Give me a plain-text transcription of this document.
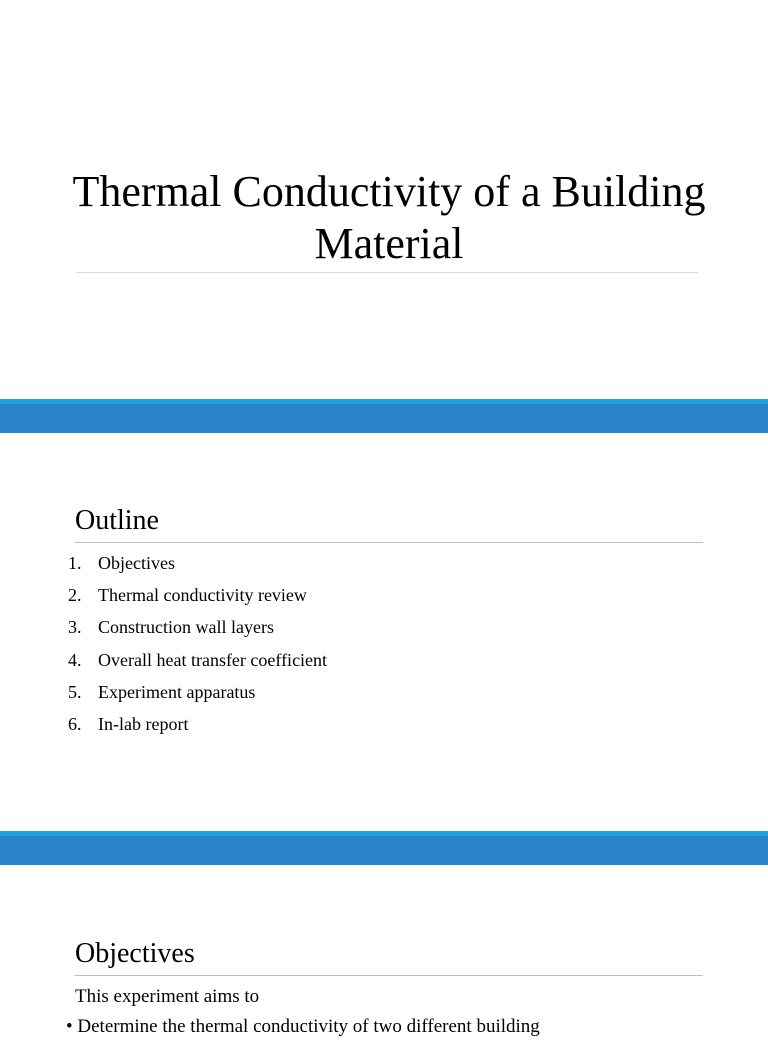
Thermal Conductivity of a Building Material
Outline
1. Objectives
2. Thermal conductivity review
3. Construction wall layers
4. Overall heat transfer coefficient
5. Experiment apparatus
6. In-lab report
Objectives

This experiment aims to

• Determine the thermal conductivity of two different building
